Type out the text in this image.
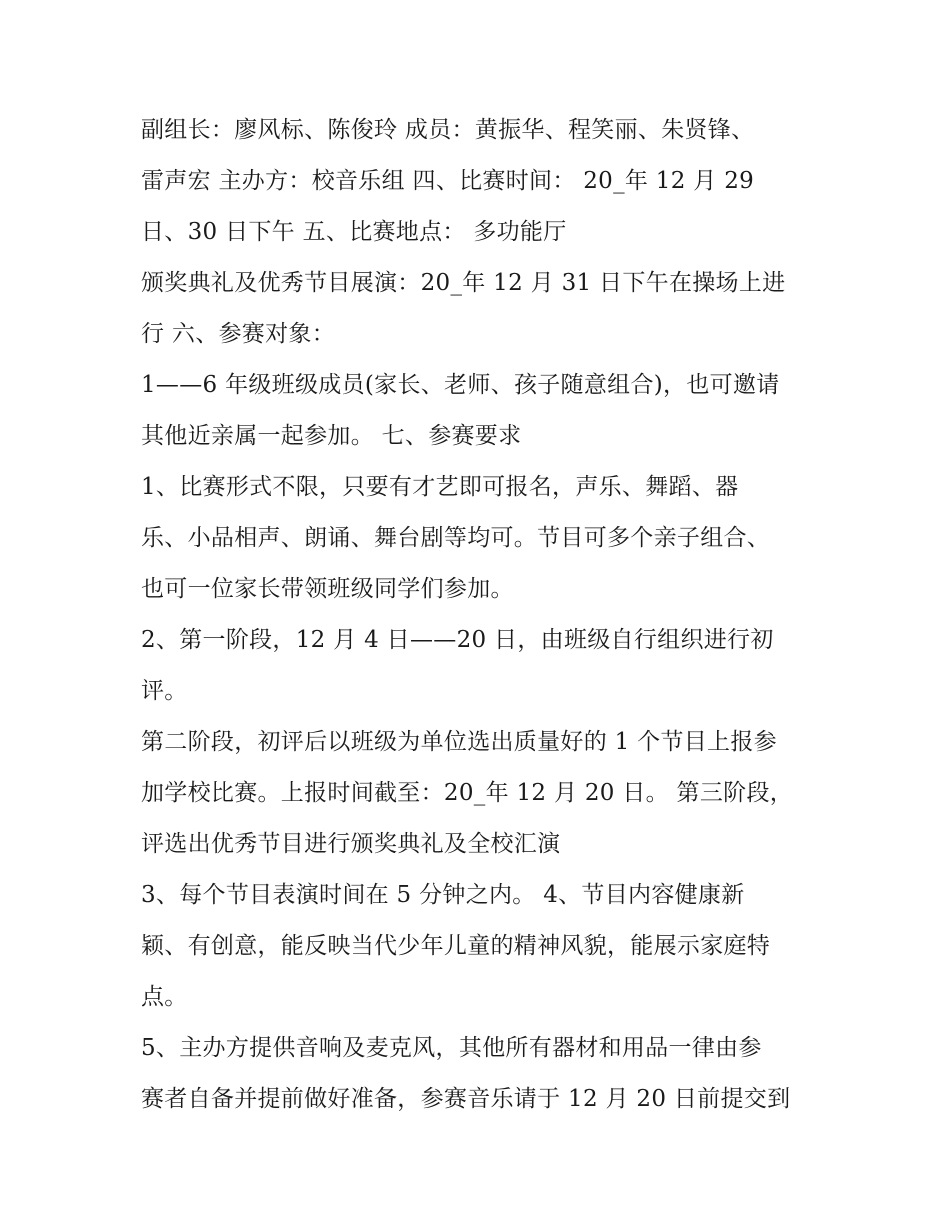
副组长：廖风标、陈俊玲 成员：黄振华、程笑丽、朱贤锋、
雷声宏 主办方：校音乐组 四、比赛时间： 20_年 12 月 29
日、30 日下午 五、比赛地点： 多功能厅
颁奖典礼及优秀节目展演：20_年 12 月 31 日下午在操场上进
行 六、参赛对象：
1——6 年级班级成员(家长、老师、孩子随意组合)，也可邀请
其他近亲属一起参加。 七、参赛要求
1、比赛形式不限，只要有才艺即可报名，声乐、舞蹈、器
乐、小品相声、朗诵、舞台剧等均可。节目可多个亲子组合、
也可一位家长带领班级同学们参加。
2、第一阶段，12 月 4 日——20 日，由班级自行组织进行初
评。
第二阶段，初评后以班级为单位选出质量好的 1 个节目上报参
加学校比赛。上报时间截至：20_年 12 月 20 日。 第三阶段，
评选出优秀节目进行颁奖典礼及全校汇演
3、每个节目表演时间在 5 分钟之内。 4、节目内容健康新
颖、有创意，能反映当代少年儿童的精神风貌，能展示家庭特
点。
5、主办方提供音响及麦克风，其他所有器材和用品一律由参
赛者自备并提前做好准备，参赛音乐请于 12 月 20 日前提交到
